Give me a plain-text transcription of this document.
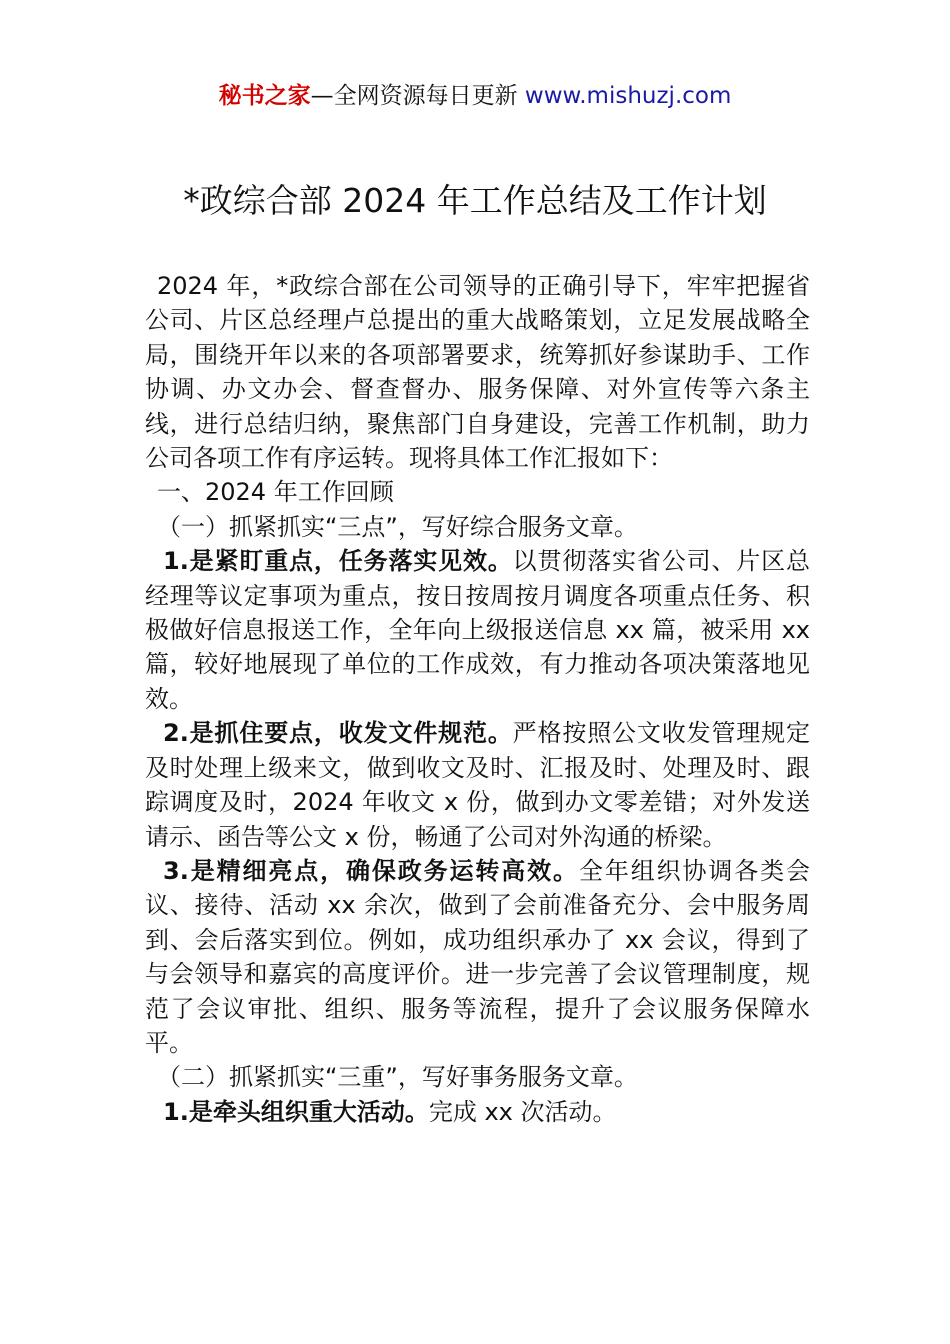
秘书之家—全网资源每日更新 www.mishuzj.com
*政综合部 2024 年工作总结及工作计划

2024 年，*政综合部在公司领导的正确引导下，牢牢把握省公司、片区总经理卢总提出的重大战略策划，立足发展战略全局，围绕开年以来的各项部署要求，统筹抓好参谋助手、工作协调、办文办会、督查督办、服务保障、对外宣传等六条主线，进行总结归纳，聚焦部门自身建设，完善工作机制，助力公司各项工作有序运转。现将具体工作汇报如下：

一、2024 年工作回顾

（一）抓紧抓实“三点”，写好综合服务文章。

1.是紧盯重点，任务落实见效。以贯彻落实省公司、片区总经理等议定事项为重点，按日按周按月调度各项重点任务、积极做好信息报送工作，全年向上级报送信息 xx 篇，被采用 xx 篇，较好地展现了单位的工作成效，有力推动各项决策落地见效。

2.是抓住要点，收发文件规范。严格按照公文收发管理规定及时处理上级来文，做到收文及时、汇报及时、处理及时、跟踪调度及时，2024 年收文 x 份，做到办文零差错；对外发送请示、函告等公文 x 份，畅通了公司对外沟通的桥梁。

3.是精细亮点，确保政务运转高效。全年组织协调各类会议、接待、活动 xx 余次，做到了会前准备充分、会中服务周到、会后落实到位。例如，成功组织承办了 xx 会议，得到了与会领导和嘉宾的高度评价。进一步完善了会议管理制度，规范了会议审批、组织、服务等流程，提升了会议服务保障水平。

（二）抓紧抓实“三重”，写好事务服务文章。

1.是牵头组织重大活动。完成 xx 次活动。
